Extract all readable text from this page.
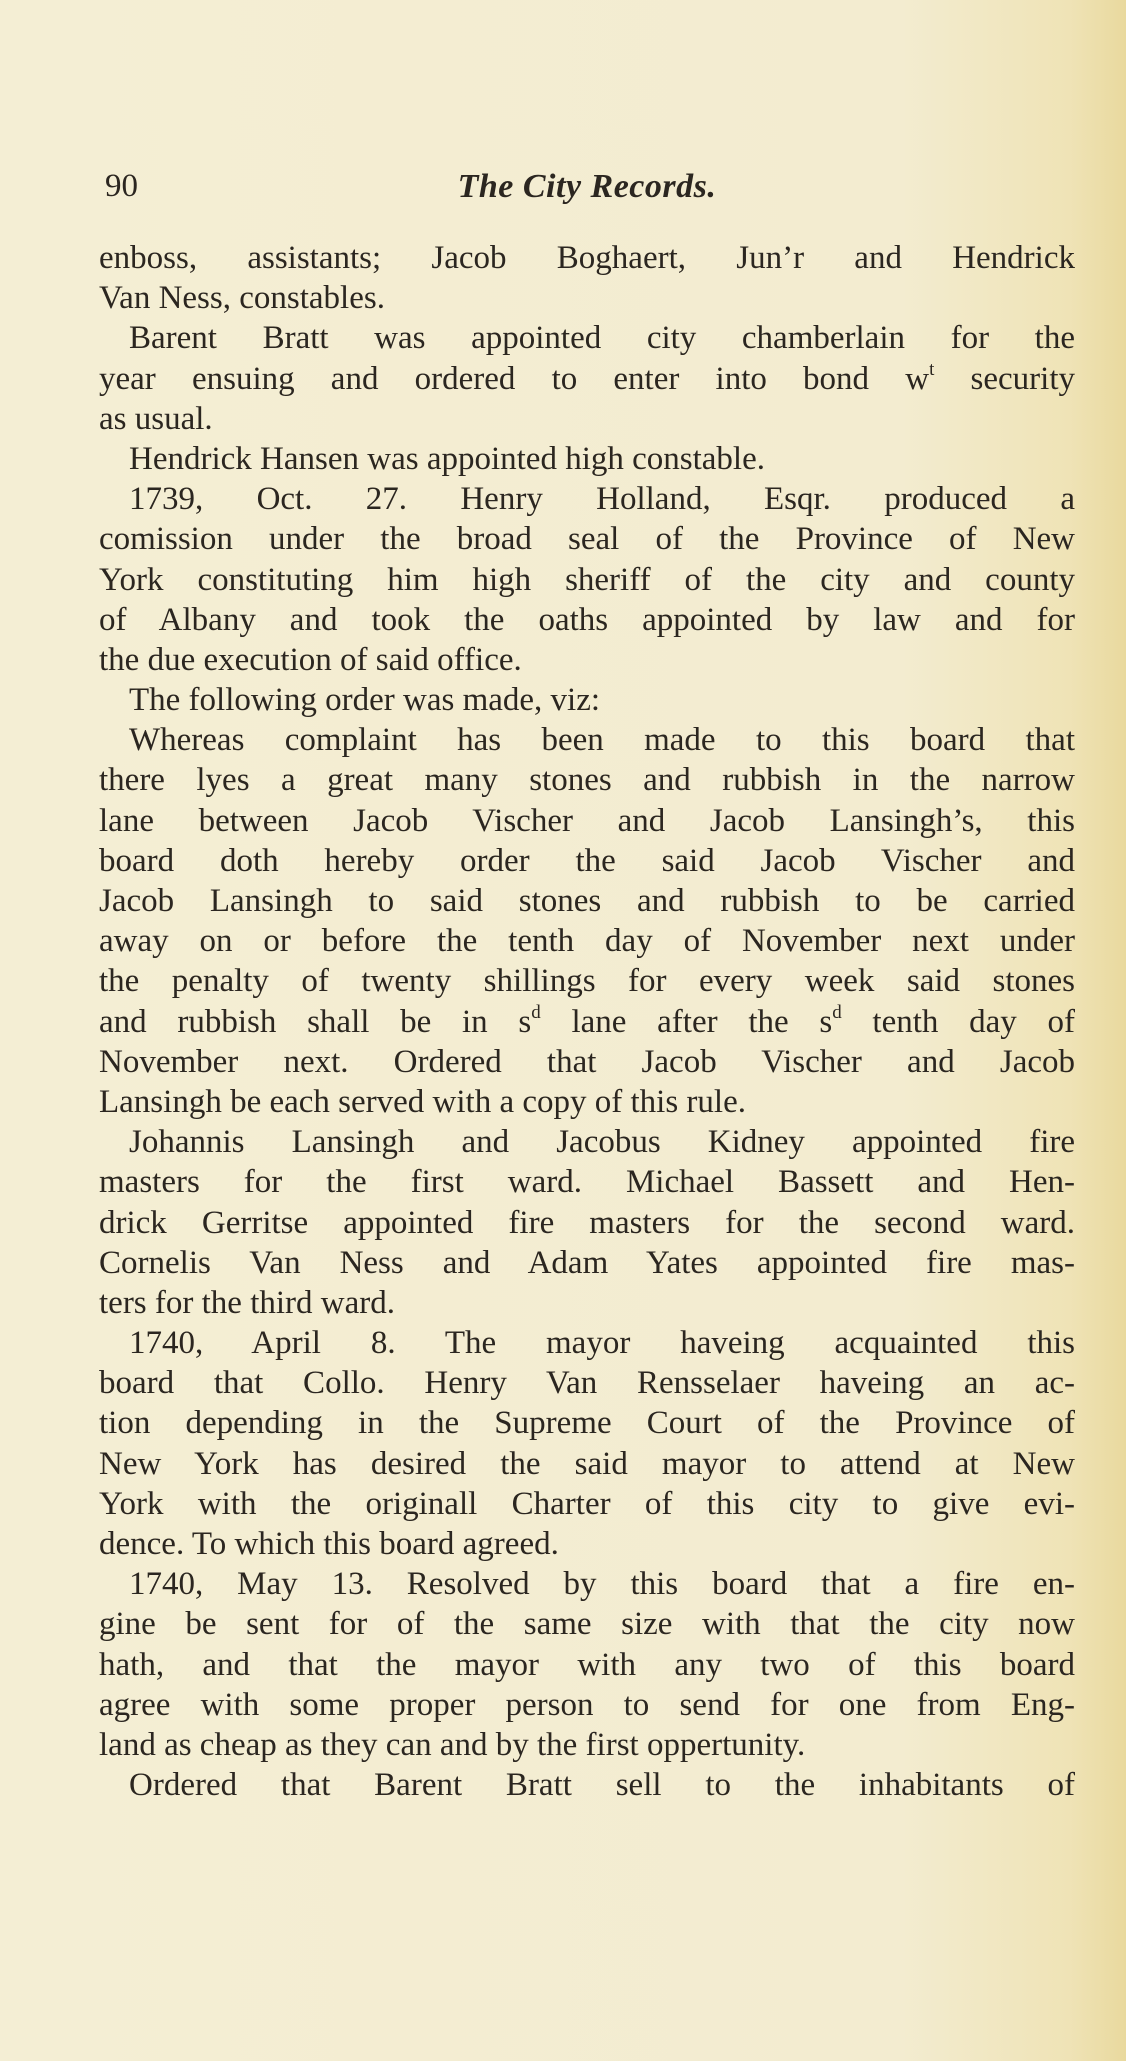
90	The City Records.
enboss, assistants; Jacob Boghaert, Jun’r and Hendrick
Van Ness, constables.
Barent Bratt was appointed city chamberlain for the
year ensuing and ordered to enter into bond $w^t$ security
as usual.
Hendrick Hansen was appointed high constable.
1739, Oct. 27. Henry Holland, Esqr. produced a
comission under the broad seal of the Province of New
York constituting him high sheriff of the city and county
of Albany and took the oaths appointed by law and for
the due execution of said office.
The following order was made, viz:
Whereas complaint has been made to this board that
there lyes a great many stones and rubbish in the narrow
lane between Jacob Vischer and Jacob Lansingh’s, this
board doth hereby order the said Jacob Vischer and
Jacob Lansingh to said stones and rubbish to be carried
away on or before the tenth day of November next under
the penalty of twenty shillings for every week said stones
and rubbish shall be in $s^d$ lane after the $s^d$ tenth day of
November next. Ordered that Jacob Vischer and Jacob
Lansingh be each served with a copy of this rule.
Johannis Lansingh and Jacobus Kidney appointed fire
masters for the first ward. Michael Bassett and Hen-
drick Gerritse appointed fire masters for the second ward.
Cornelis Van Ness and Adam Yates appointed fire mas-
ters for the third ward.
1740, April 8. The mayor haveing acquainted this
board that Collo. Henry Van Rensselaer haveing an ac-
tion depending in the Supreme Court of the Province of
New York has desired the said mayor to attend at New
York with the originall Charter of this city to give evi-
dence. To which this board agreed.
1740, May 13. Resolved by this board that a fire en-
gine be sent for of the same size with that the city now
hath, and that the mayor with any two of this board
agree with some proper person to send for one from Eng-
land as cheap as they can and by the first oppertunity.
Ordered that Barent Bratt sell to the inhabitants of
